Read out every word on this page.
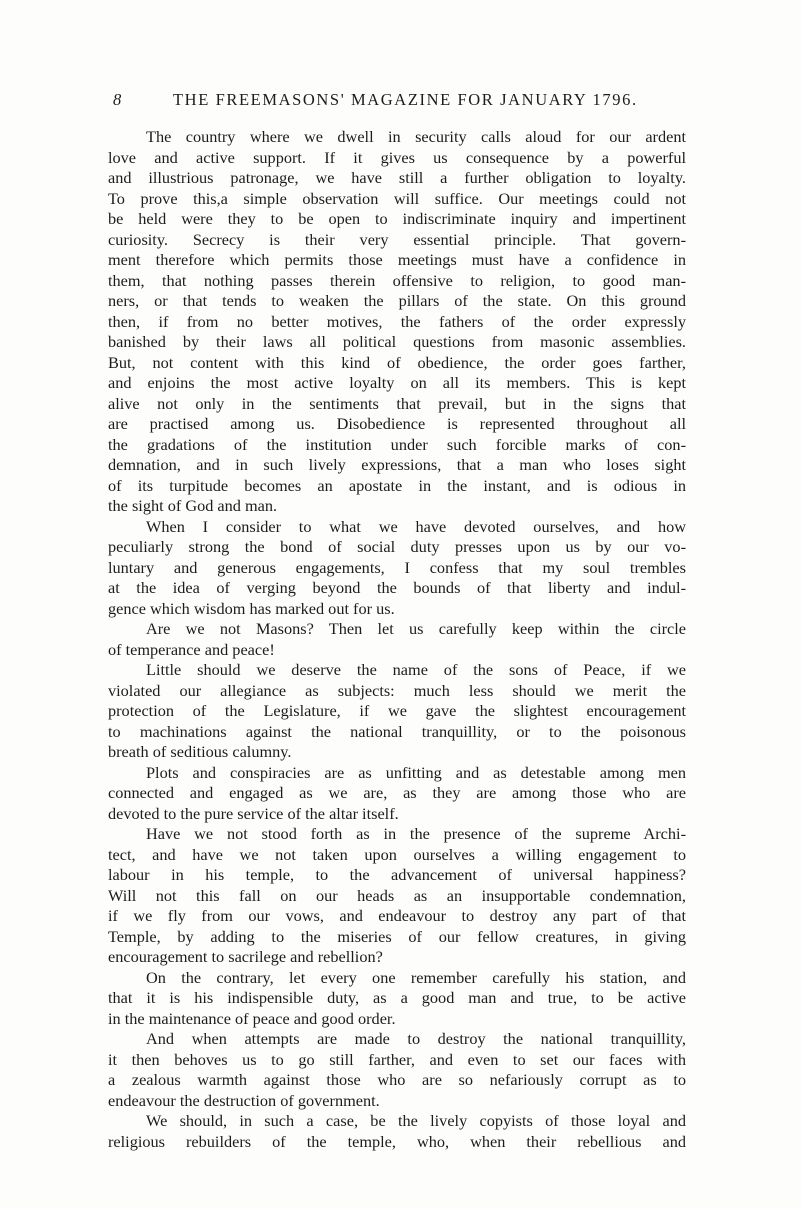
8	THE FREEMASONS' MAGAZINE FOR JANUARY 1796.
The country where we dwell in security calls aloud for our ardent
love and active support. If it gives us consequence by a powerful
and illustrious patronage, we have still a further obligation to loyalty.
To prove this,a simple observation will suffice. Our meetings could not
be held were they to be open to indiscriminate inquiry and impertinent
curiosity. Secrecy is their very essential principle. That govern-
ment therefore which permits those meetings must have a confidence in
them, that nothing passes therein offensive to religion, to good man-
ners, or that tends to weaken the pillars of the state. On this ground
then, if from no better motives, the fathers of the order expressly
banished by their laws all political questions from masonic assemblies.
But, not content with this kind of obedience, the order goes farther,
and enjoins the most active loyalty on all its members. This is kept
alive not only in the sentiments that prevail, but in the signs that
are practised among us. Disobedience is represented throughout all
the gradations of the institution under such forcible marks of con-
demnation, and in such lively expressions, that a man who loses sight
of its turpitude becomes an apostate in the instant, and is odious in
the sight of God and man.
When I consider to what we have devoted ourselves, and how
peculiarly strong the bond of social duty presses upon us by our vo-
luntary and generous engagements, I confess that my soul trembles
at the idea of verging beyond the bounds of that liberty and indul-
gence which wisdom has marked out for us.
Are we not Masons? Then let us carefully keep within the circle
of temperance and peace!
Little should we deserve the name of the sons of Peace, if we
violated our allegiance as subjects: much less should we merit the
protection of the Legislature, if we gave the slightest encouragement
to machinations against the national tranquillity, or to the poisonous
breath of seditious calumny.
Plots and conspiracies are as unfitting and as detestable among men
connected and engaged as we are, as they are among those who are
devoted to the pure service of the altar itself.
Have we not stood forth as in the presence of the supreme Archi-
tect, and have we not taken upon ourselves a willing engagement to
labour in his temple, to the advancement of universal happiness?
Will not this fall on our heads as an insupportable condemnation,
if we fly from our vows, and endeavour to destroy any part of that
Temple, by adding to the miseries of our fellow creatures, in giving
encouragement to sacrilege and rebellion?
On the contrary, let every one remember carefully his station, and
that it is his indispensible duty, as a good man and true, to be active
in the maintenance of peace and good order.
And when attempts are made to destroy the national tranquillity,
it then behoves us to go still farther, and even to set our faces with
a zealous warmth against those who are so nefariously corrupt as to
endeavour the destruction of government.
We should, in such a case, be the lively copyists of those loyal and
religious rebuilders of the temple, who, when their rebellious and
